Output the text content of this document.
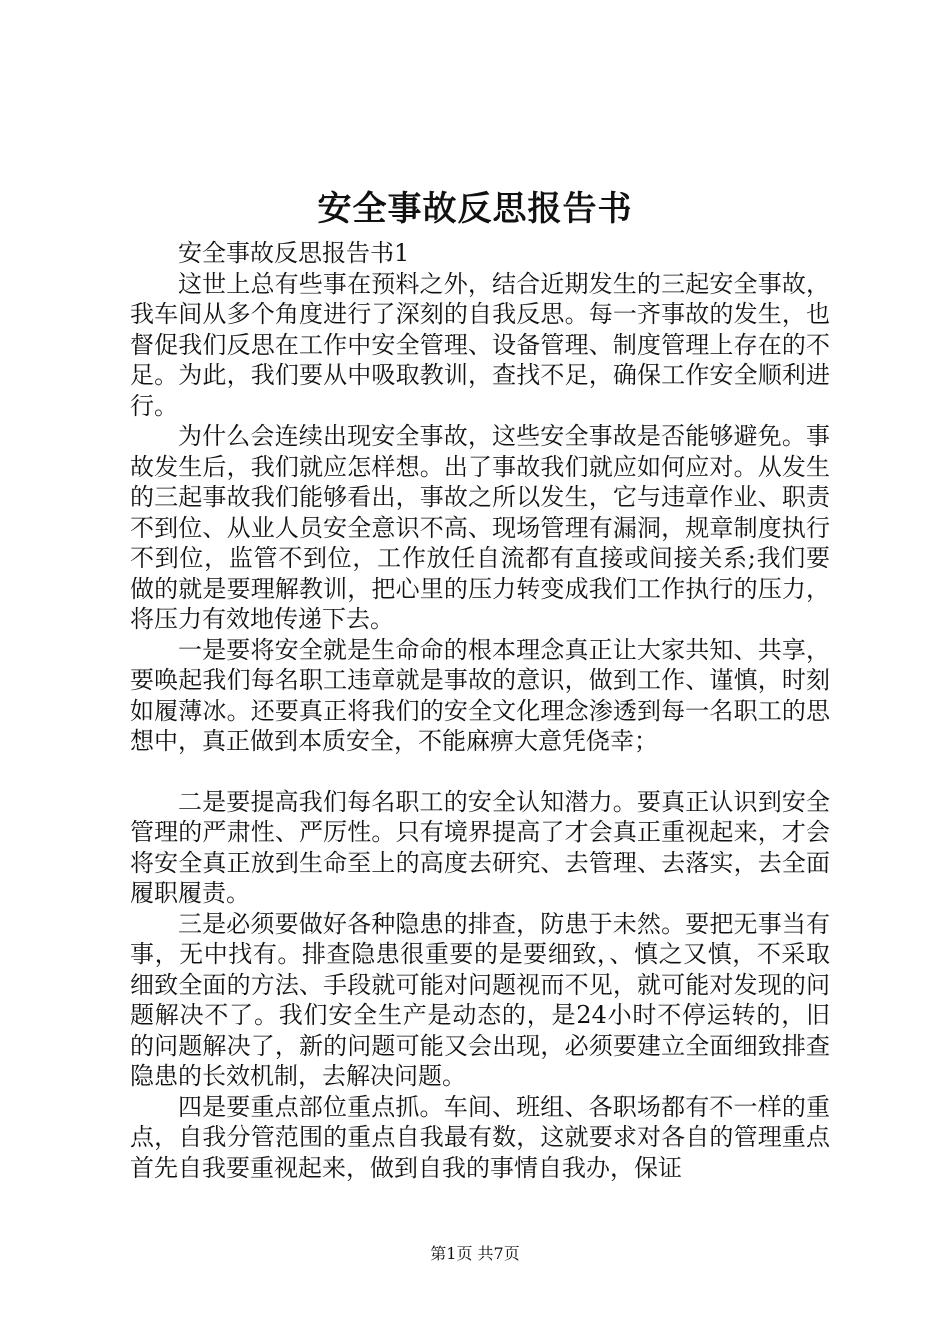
安全事故反思报告书

安全事故反思报告书1

这世上总有些事在预料之外，结合近期发生的三起安全事故，我车间从多个角度进行了深刻的自我反思。每一齐事故的发生，也督促我们反思在工作中安全管理、设备管理、制度管理上存在的不足。为此，我们要从中吸取教训，查找不足，确保工作安全顺利进行。

为什么会连续出现安全事故，这些安全事故是否能够避免。事故发生后，我们就应怎样想。出了事故我们就应如何应对。从发生的三起事故我们能够看出，事故之所以发生，它与违章作业、职责不到位、从业人员安全意识不高、现场管理有漏洞，规章制度执行不到位，监管不到位，工作放任自流都有直接或间接关系;我们要做的就是要理解教训，把心里的压力转变成我们工作执行的压力，将压力有效地传递下去。

一是要将安全就是生命命的根本理念真正让大家共知、共享，要唤起我们每名职工违章就是事故的意识，做到工作、谨慎，时刻如履薄冰。还要真正将我们的安全文化理念渗透到每一名职工的思想中，真正做到本质安全，不能麻痹大意凭侥幸；

二是要提高我们每名职工的安全认知潜力。要真正认识到安全管理的严肃性、严厉性。只有境界提高了才会真正重视起来，才会将安全真正放到生命至上的高度去研究、去管理、去落实，去全面履职履责。

三是必须要做好各种隐患的排查，防患于未然。要把无事当有事，无中找有。排查隐患很重要的是要细致，、慎之又慎，不采取细致全面的方法、手段就可能对问题视而不见，就可能对发现的问题解决不了。我们安全生产是动态的，是24小时不停运转的，旧的问题解决了，新的问题可能又会出现，必须要建立全面细致排查隐患的长效机制，去解决问题。

四是要重点部位重点抓。车间、班组、各职场都有不一样的重点，自我分管范围的重点自我最有数，这就要求对各自的管理重点首先自我要重视起来，做到自我的事情自我办，保证

第1页 共7页
